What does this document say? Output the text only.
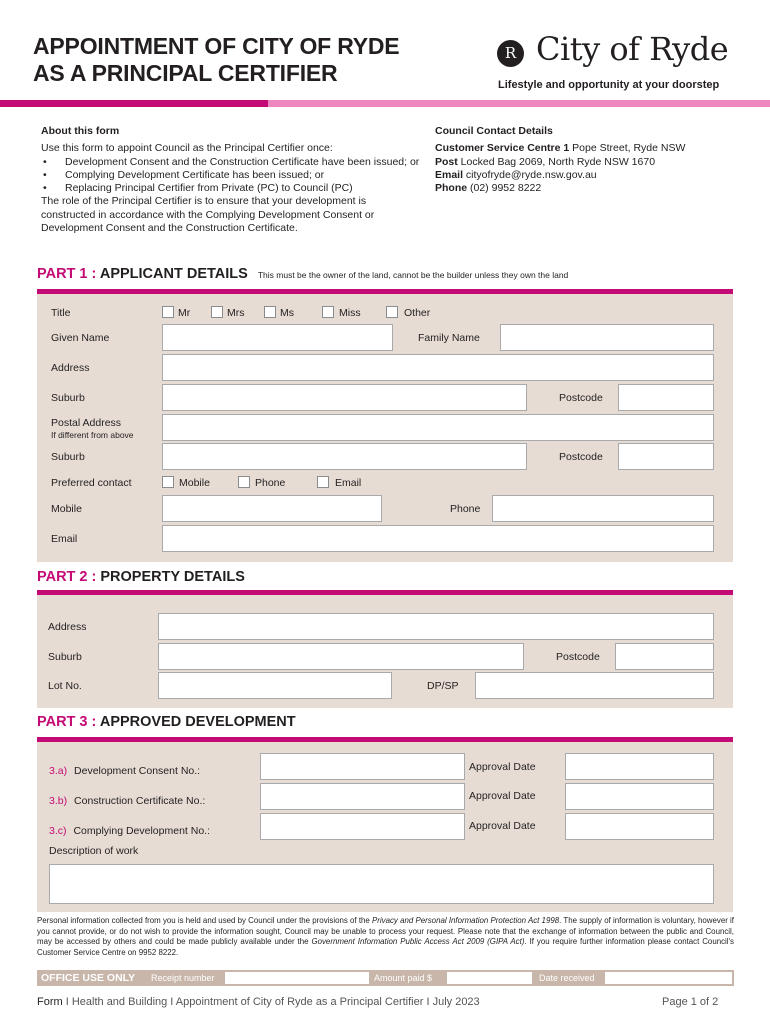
APPOINTMENT OF CITY OF RYDE
AS A PRINCIPAL CERTIFIER
R City of Ryde
Lifestyle and opportunity at your doorstep
About this form
Use this form to appoint Council as the Principal Certifier once:
• Development Consent and the Construction Certificate have been issued; or
• Complying Development Certificate has been issued; or
• Replacing Principal Certifier from Private (PC) to Council (PC)
The role of the Principal Certifier is to ensure that your development is constructed in accordance with the Complying Development Consent or Development Consent and the Construction Certificate.
Council Contact Details
Customer Service Centre 1 Pope Street, Ryde NSW
Post Locked Bag 2069, North Ryde NSW 1670
Email cityofryde@ryde.nsw.gov.au
Phone (02) 9952 8222
PART 1 : APPLICANT DETAILS This must be the owner of the land, cannot be the builder unless they own the land
Title	Mr	Mrs	Ms	Miss	Other
Given Name	Family Name
Address
Suburb	Postcode
Postal Address
If different from above
Suburb	Postcode
Preferred contact	Mobile	Phone	Email
Mobile	Phone
Email
PART 2 : PROPERTY DETAILS
Address
Suburb	Postcode
Lot No.	DP/SP
PART 3 : APPROVED DEVELOPMENT
3.a) Development Consent No.:	Approval Date
3.b) Construction Certificate No.:	Approval Date
3.c) Complying Development No.:	Approval Date
Description of work
Personal information collected from you is held and used by Council under the provisions of the Privacy and Personal Information Protection Act 1998. The supply of information is voluntary, however if you cannot provide, or do not wish to provide the information sought, Council may be unable to process your request. Please note that the exchange of information between the public and Council, may be accessed by others and could be made publicly available under the Government Information Public Access Act 2009 (GIPA Act). If you require further information please contact Council's Customer Service Centre on 9952 8222.
OFFICE USE ONLY Receipt number	Amount paid $	Date received
Form I Health and Building I Appointment of City of Ryde as a Principal Certifier I July 2023	Page 1 of 2
